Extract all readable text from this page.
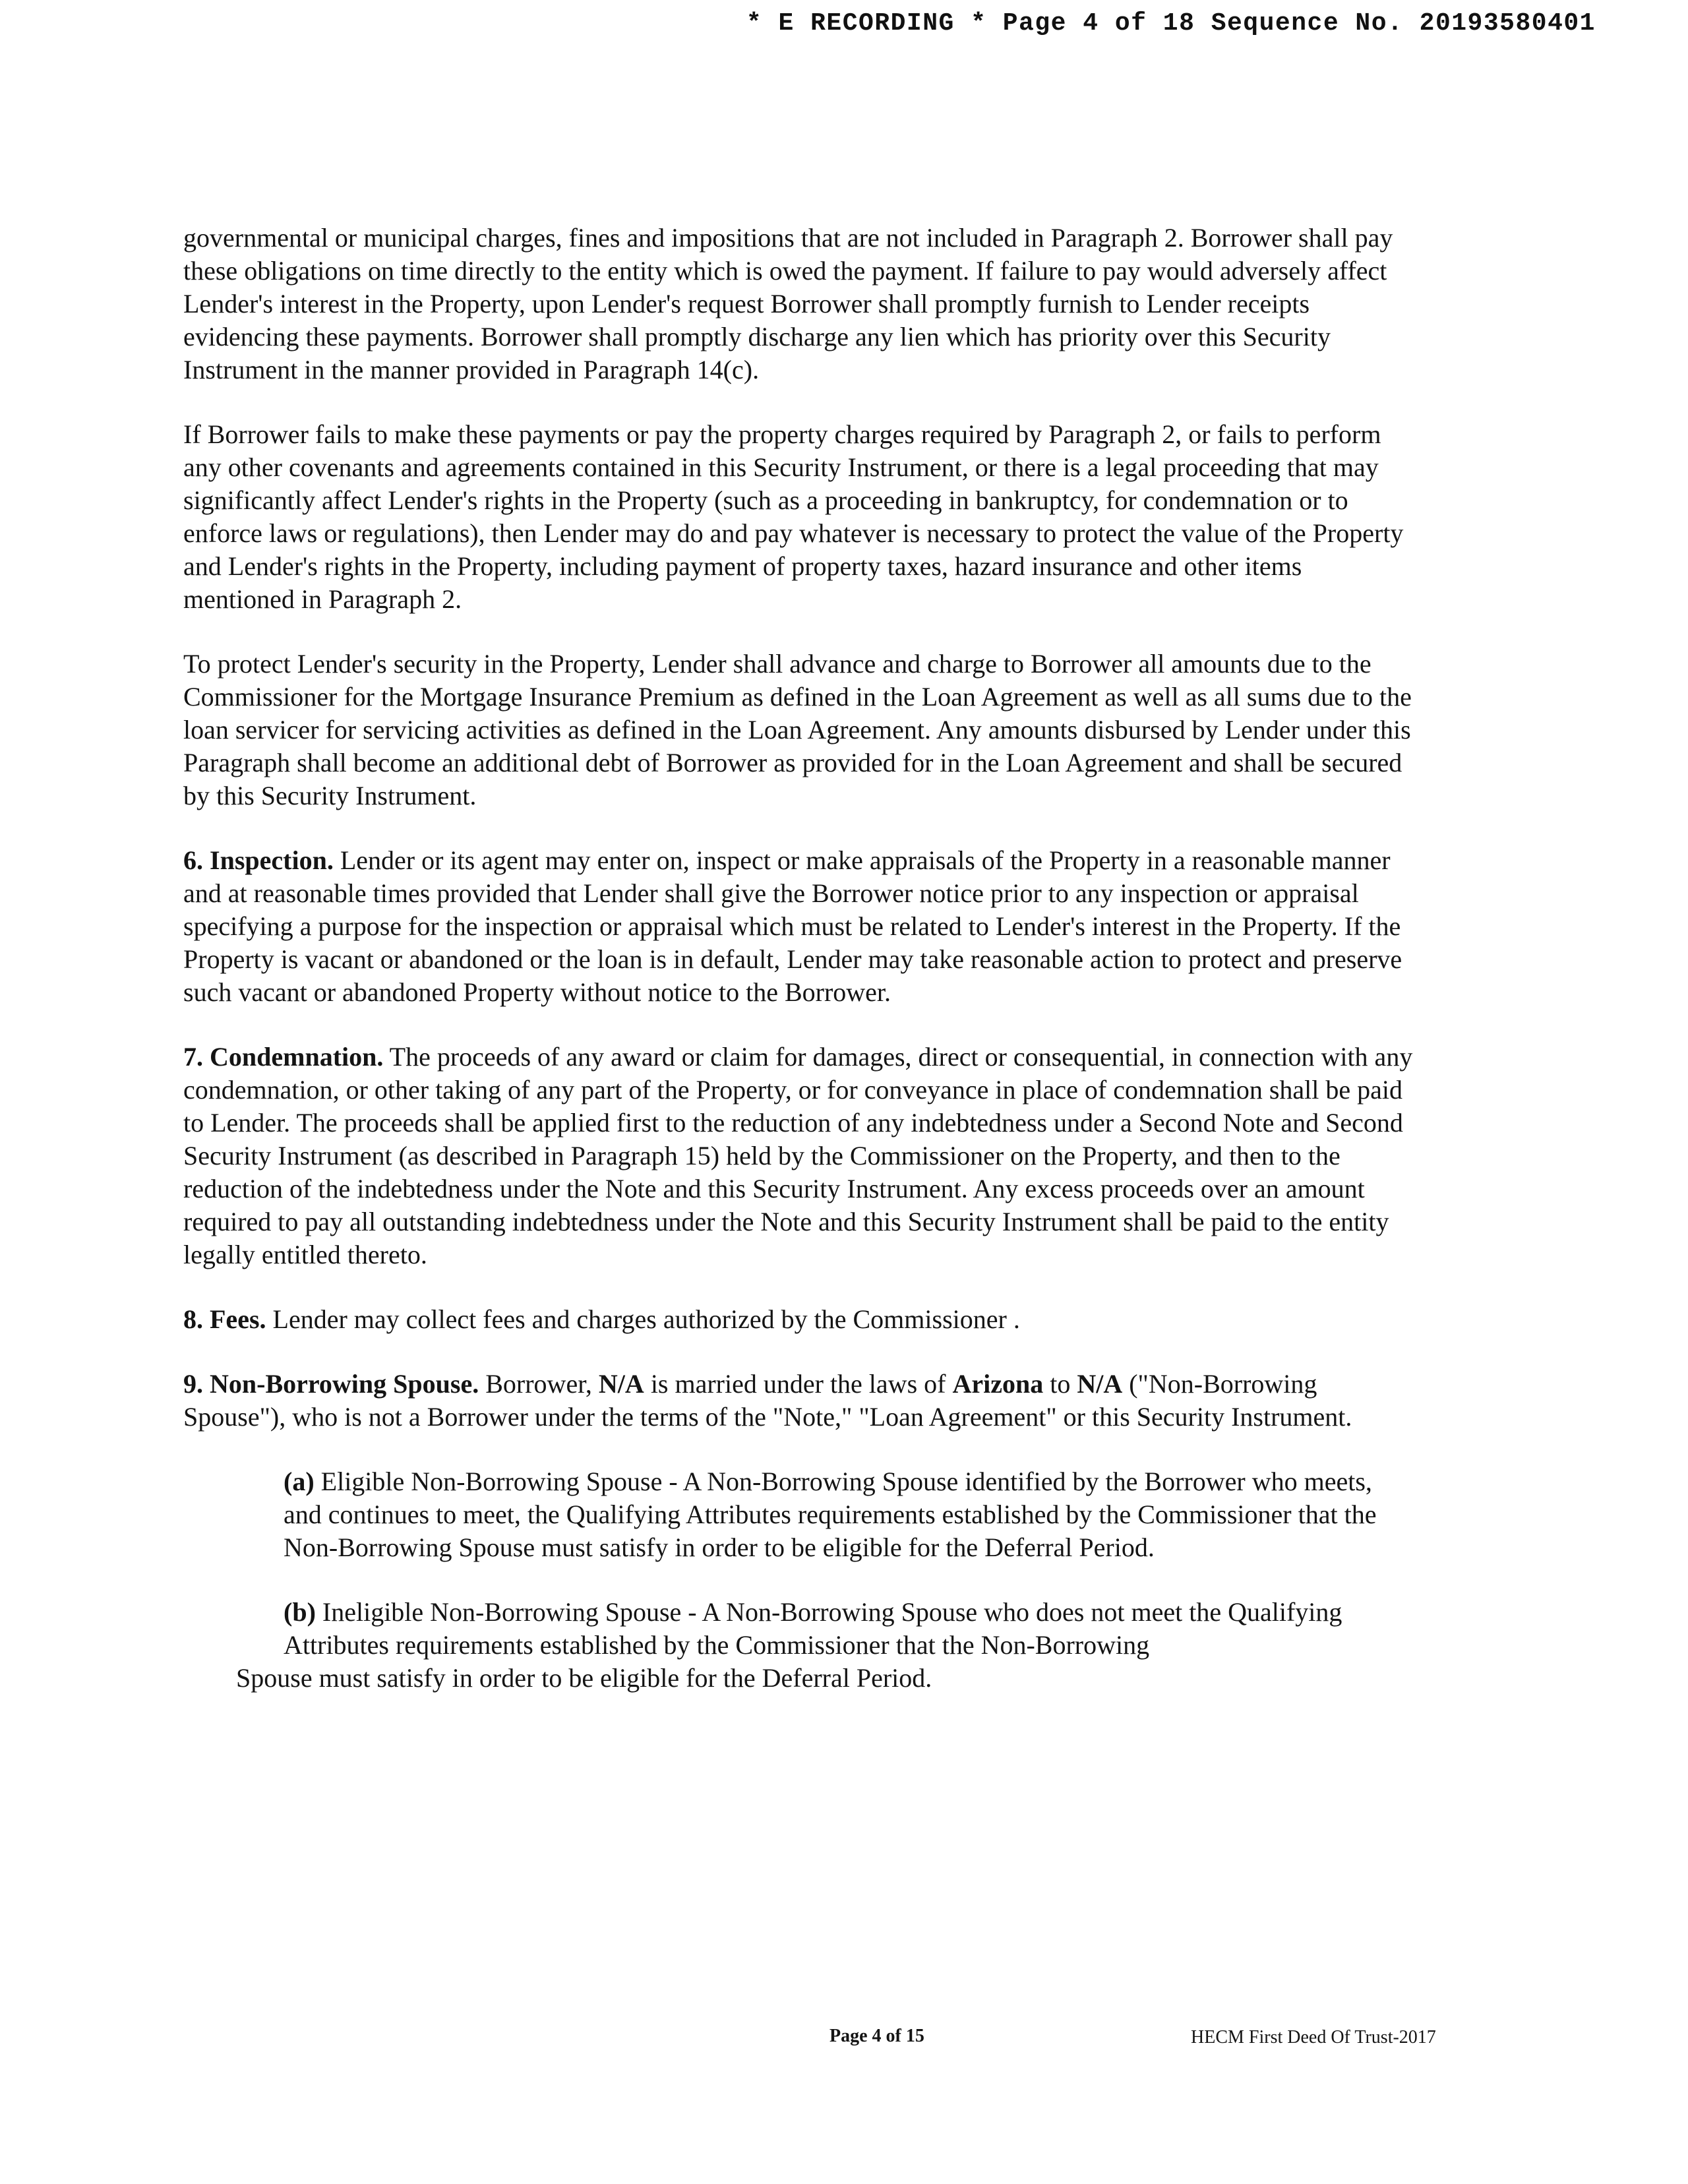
* E RECORDING * Page 4 of 18 Sequence No. 20193580401

governmental or municipal charges, fines and impositions that are not included in Paragraph 2. Borrower shall pay these obligations on time directly to the entity which is owed the payment. If failure to pay would adversely affect Lender's interest in the Property, upon Lender's request Borrower shall promptly furnish to Lender receipts evidencing these payments. Borrower shall promptly discharge any lien which has priority over this Security Instrument in the manner provided in Paragraph 14(c).

If Borrower fails to make these payments or pay the property charges required by Paragraph 2, or fails to perform any other covenants and agreements contained in this Security Instrument, or there is a legal proceeding that may significantly affect Lender's rights in the Property (such as a proceeding in bankruptcy, for condemnation or to enforce laws or regulations), then Lender may do and pay whatever is necessary to protect the value of the Property and Lender's rights in the Property, including payment of property taxes, hazard insurance and other items mentioned in Paragraph 2.

To protect Lender's security in the Property, Lender shall advance and charge to Borrower all amounts due to the Commissioner for the Mortgage Insurance Premium as defined in the Loan Agreement as well as all sums due to the loan servicer for servicing activities as defined in the Loan Agreement. Any amounts disbursed by Lender under this Paragraph shall become an additional debt of Borrower as provided for in the Loan Agreement and shall be secured by this Security Instrument.

6. Inspection. Lender or its agent may enter on, inspect or make appraisals of the Property in a reasonable manner and at reasonable times provided that Lender shall give the Borrower notice prior to any inspection or appraisal specifying a purpose for the inspection or appraisal which must be related to Lender's interest in the Property. If the Property is vacant or abandoned or the loan is in default, Lender may take reasonable action to protect and preserve such vacant or abandoned Property without notice to the Borrower.

7. Condemnation. The proceeds of any award or claim for damages, direct or consequential, in connection with any condemnation, or other taking of any part of the Property, or for conveyance in place of condemnation shall be paid to Lender. The proceeds shall be applied first to the reduction of any indebtedness under a Second Note and Second Security Instrument (as described in Paragraph 15) held by the Commissioner on the Property, and then to the reduction of the indebtedness under the Note and this Security Instrument. Any excess proceeds over an amount required to pay all outstanding indebtedness under the Note and this Security Instrument shall be paid to the entity legally entitled thereto.

8. Fees. Lender may collect fees and charges authorized by the Commissioner .

9. Non-Borrowing Spouse. Borrower, N/A is married under the laws of Arizona to N/A ("Non-Borrowing Spouse"), who is not a Borrower under the terms of the "Note," "Loan Agreement" or this Security Instrument.

(a) Eligible Non-Borrowing Spouse - A Non-Borrowing Spouse identified by the Borrower who meets, and continues to meet, the Qualifying Attributes requirements established by the Commissioner that the Non-Borrowing Spouse must satisfy in order to be eligible for the Deferral Period.

(b) Ineligible Non-Borrowing Spouse - A Non-Borrowing Spouse who does not meet the Qualifying Attributes requirements established by the Commissioner that the Non-Borrowing
Spouse must satisfy in order to be eligible for the Deferral Period.

Page 4 of 15	HECM First Deed Of Trust-2017
